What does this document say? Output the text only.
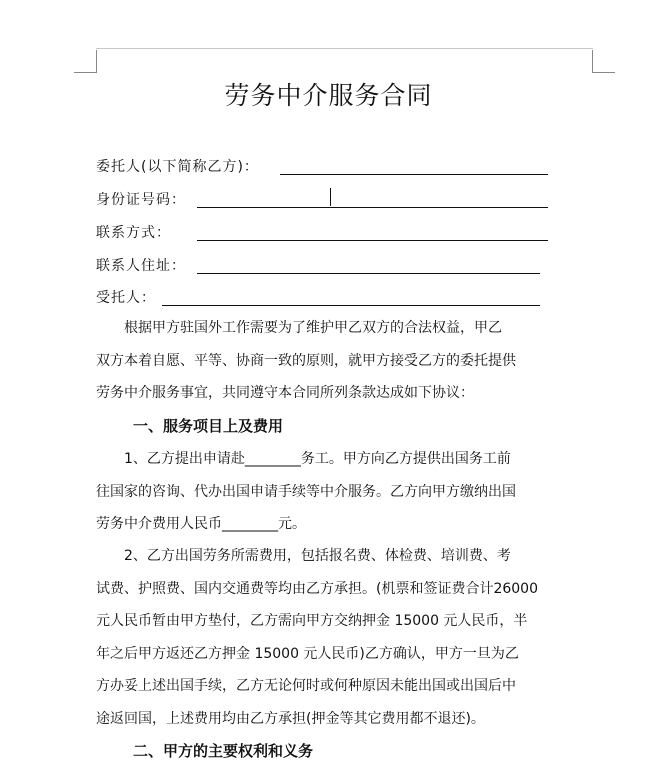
劳务中介服务合同
委托人(以下简称乙方)：
身份证号码：
联系方式：
联系人住址：
受托人：
　　根据甲方驻国外工作需要为了维护甲乙双方的合法权益，甲乙
双方本着自愿、平等、协商一致的原则，就甲方接受乙方的委托提供
劳务中介服务事宜，共同遵守本合同所列条款达成如下协议：
一、服务项目上及费用
　　1、乙方提出申请赴________务工。甲方向乙方提供出国务工前
往国家的咨询、代办出国申请手续等中介服务。乙方向甲方缴纳出国
劳务中介费用人民币________元。
　　2、乙方出国劳务所需费用，包括报名费、体检费、培训费、考
试费、护照费、国内交通费等均由乙方承担。(机票和签证费合计26000
元人民币暂由甲方垫付，乙方需向甲方交纳押金 15000 元人民币，半
年之后甲方返还乙方押金 15000 元人民币)乙方确认，甲方一旦为乙
方办妥上述出国手续，乙方无论何时或何种原因未能出国或出国后中
途返回国，上述费用均由乙方承担(押金等其它费用都不退还)。
二、甲方的主要权利和义务
